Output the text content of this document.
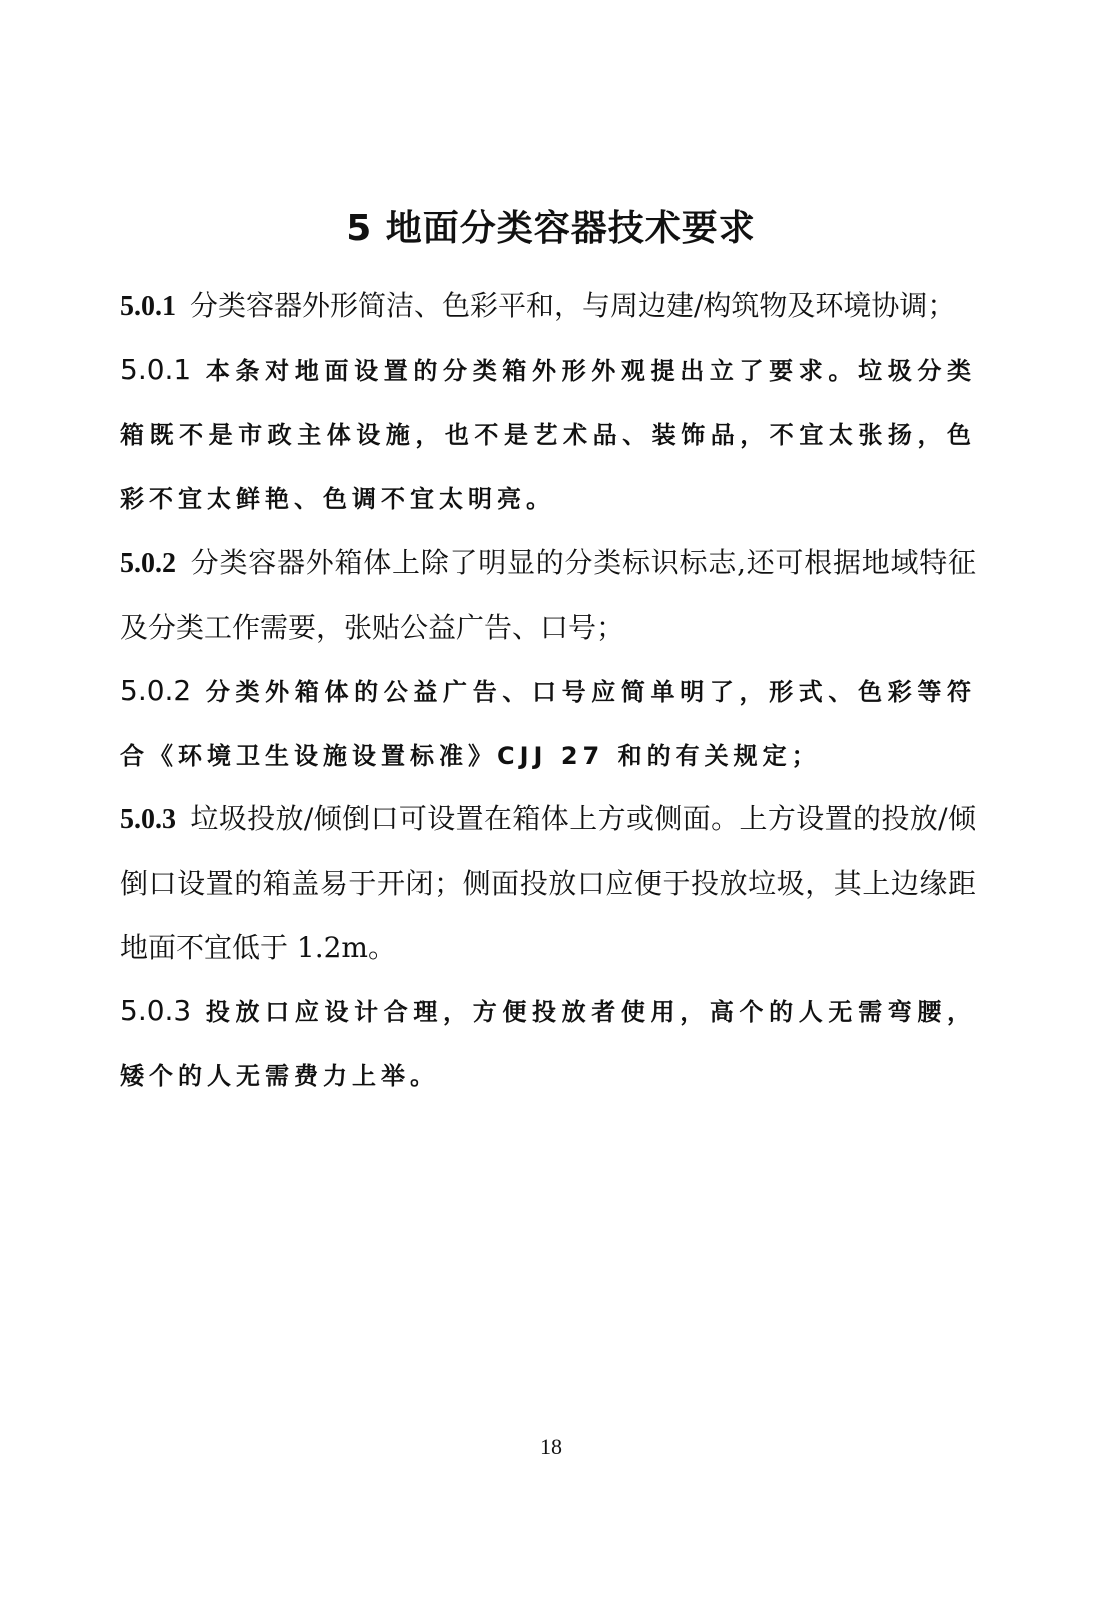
5 地面分类容器技术要求

5.0.1 分类容器外形简洁、色彩平和，与周边建/构筑物及环境协调；

5.0.1 本条对地面设置的分类箱外形外观提出立了要求。垃圾分类箱既不是市政主体设施，也不是艺术品、装饰品，不宜太张扬，色彩不宜太鲜艳、色调不宜太明亮。

5.0.2 分类容器外箱体上除了明显的分类标识标志,还可根据地域特征及分类工作需要，张贴公益广告、口号；

5.0.2 分类外箱体的公益广告、口号应简单明了，形式、色彩等符合《环境卫生设施设置标准》CJJ 27 和的有关规定；

5.0.3 垃圾投放/倾倒口可设置在箱体上方或侧面。上方设置的投放/倾倒口设置的箱盖易于开闭；侧面投放口应便于投放垃圾，其上边缘距地面不宜低于 1.2m。

5.0.3 投放口应设计合理，方便投放者使用，高个的人无需弯腰，矮个的人无需费力上举。

18
